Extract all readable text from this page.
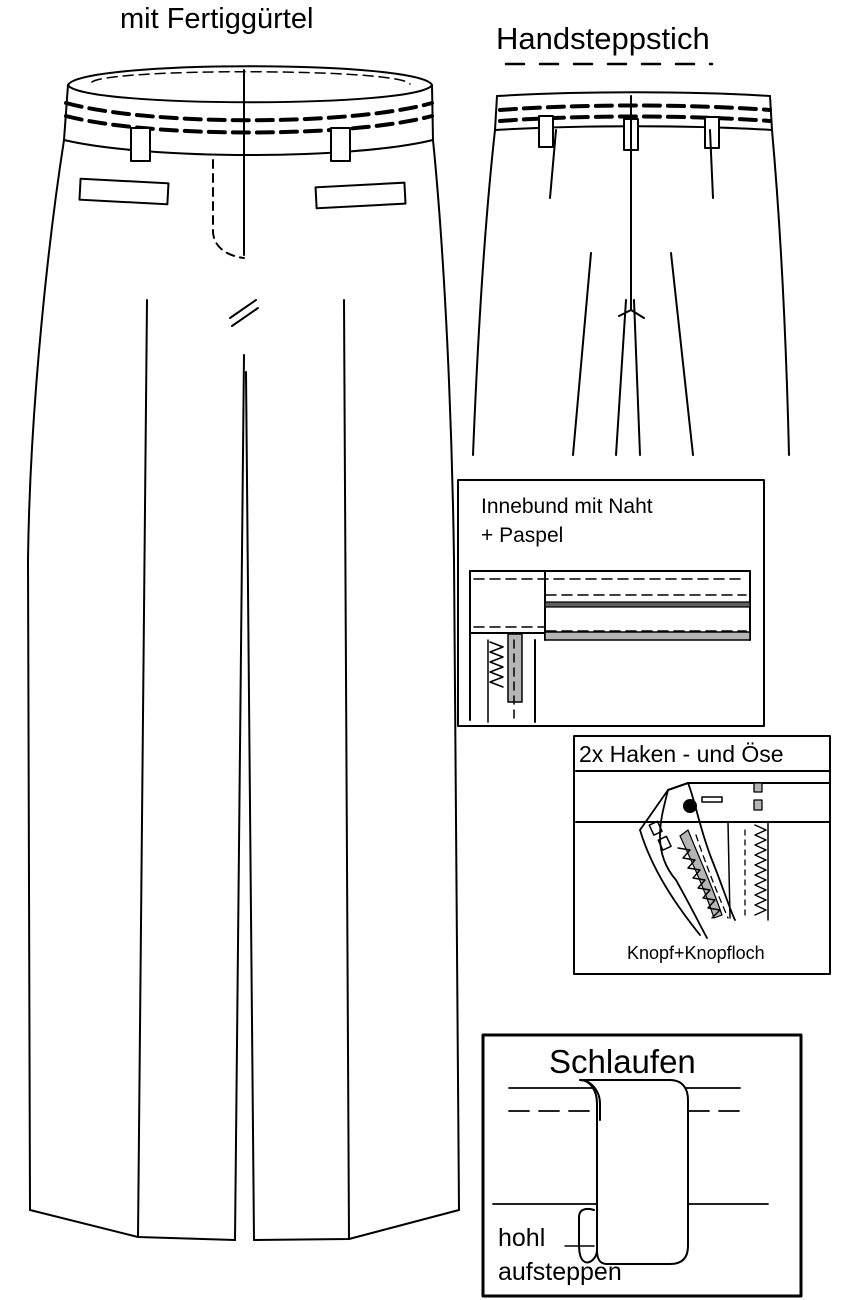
mit Fertiggürtel
Handsteppstich
Innebund mit Naht
+ Paspel
2x Haken - und Öse
Knopf+Knopfloch
Schlaufen
hohl
aufsteppen
